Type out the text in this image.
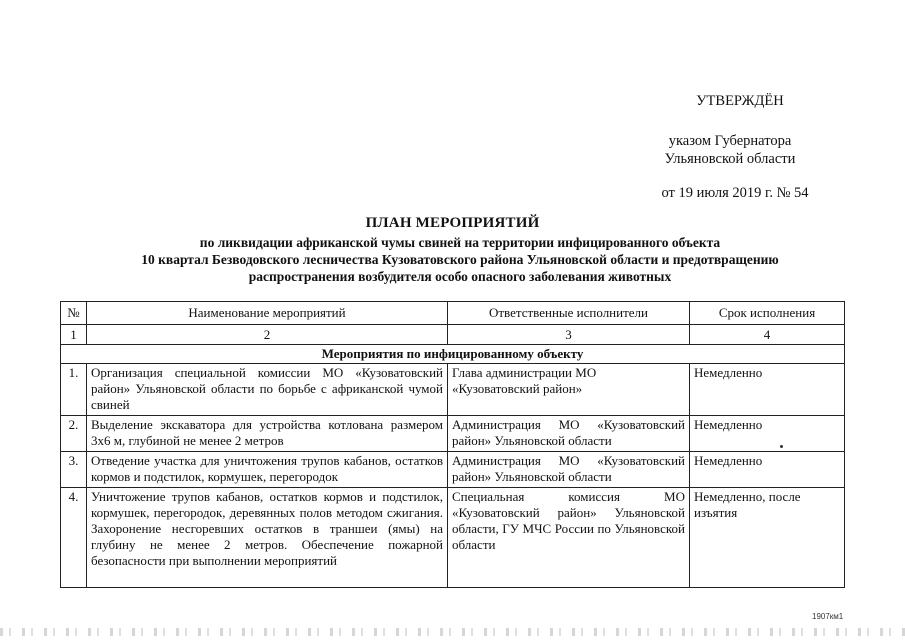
УТВЕРЖДЁН
указом Губернатора
Ульяновской области
от 19 июля 2019 г. № 54
ПЛАН МЕРОПРИЯТИЙ
по ликвидации африканской чумы свиней на территории инфицированного объекта
10 квартал Безводовского лесничества Кузоватовского района Ульяновской области и предотвращению
распространения возбудителя особо опасного заболевания животных
№	Наименование мероприятий	Ответственные исполнители	Срок исполнения
1	2	3	4
Мероприятия по инфицированному объекту			
1.	Организация специальной комиссии МО «Кузоватовский район» Ульяновской области по борьбе с африканской чумой свиней	Глава администрации МО «Кузоватовский район»	Немедленно
2.	Выделение экскаватора для устройства котлована размером 3х6 м, глубиной не менее 2 метров	Администрация МО «Кузоватовский район» Ульяновской области	Немедленно
3.	Отведение участка для уничтожения трупов кабанов, остатков кормов и подстилок, кормушек, перегородок	Администрация МО «Кузоватовский район» Ульяновской области	Немедленно
4.	Уничтожение трупов кабанов, остатков кормов и подстилок, кормушек, перегородок, деревянных полов методом сжигания. Захоронение несгоревших остатков в траншеи (ямы) на глубину не менее 2 метров. Обеспечение пожарной безопасности при выполнении мероприятий	Специальная комиссия МО «Кузоватовский район» Ульяновской области, ГУ МЧС России по Ульяновской области	Немедленно, после изъятия
1907км1
